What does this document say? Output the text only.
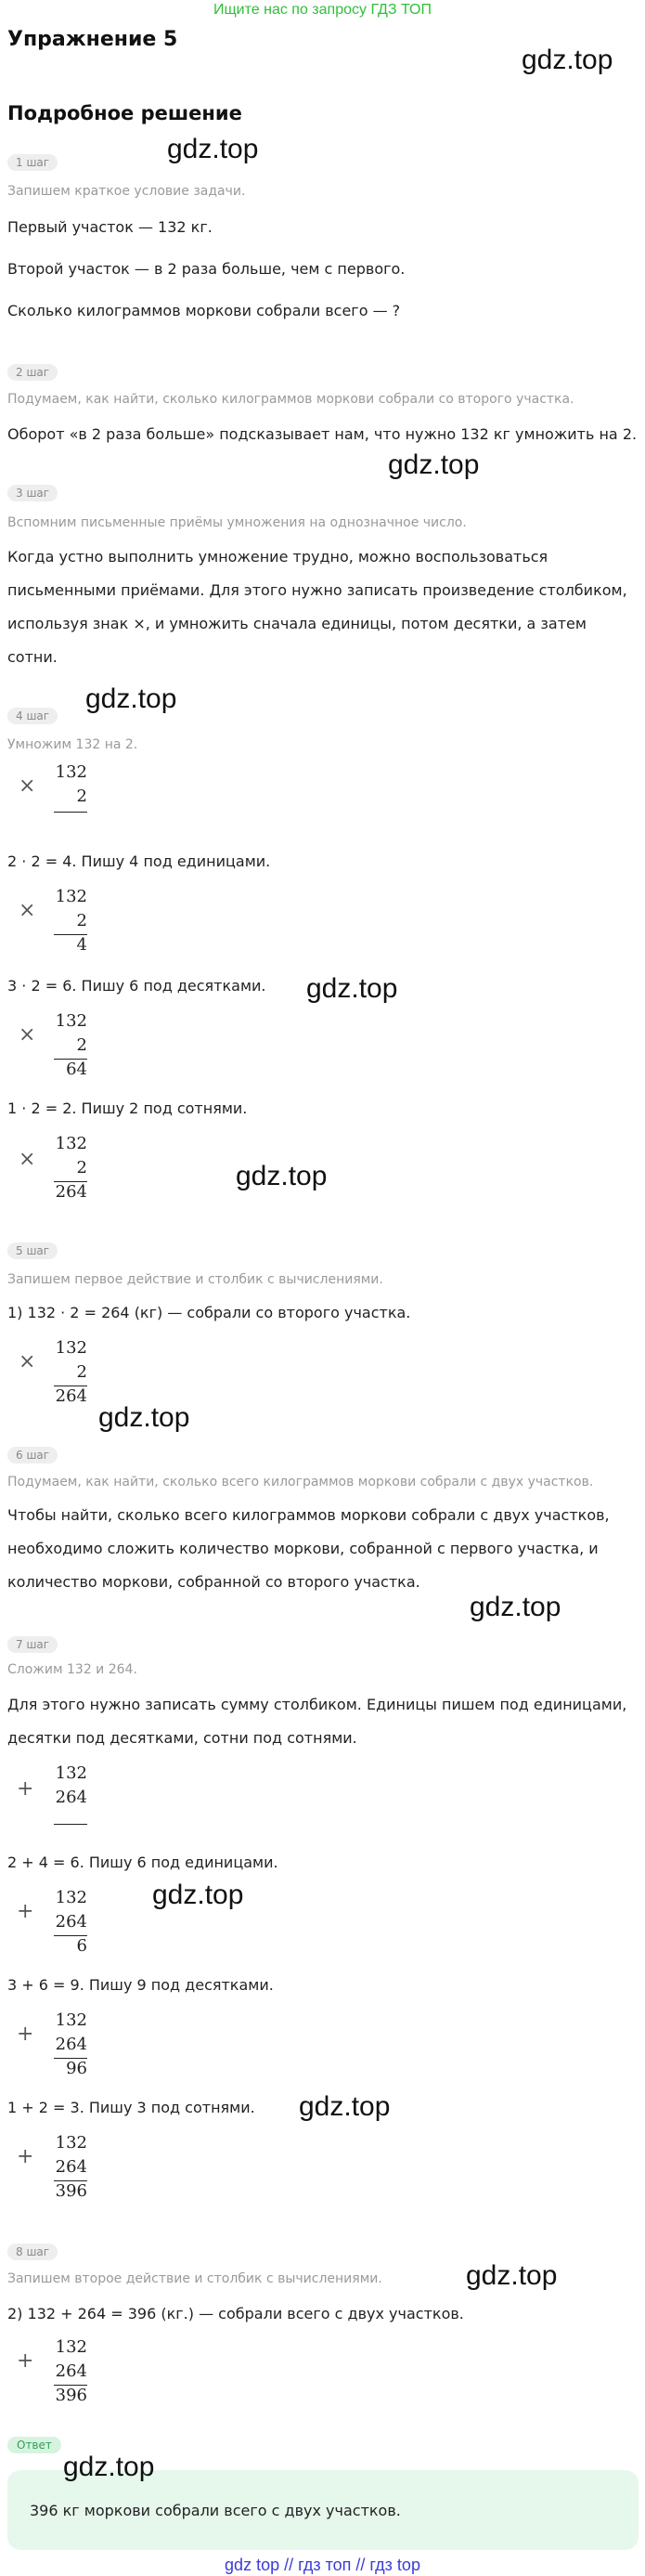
Ищите нас по запросу ГДЗ ТОП
Упражнение 5
gdz.top
Подробное решение
1 шаг	gdz.top
Запишем краткое условие задачи.
Первый участок — 132 кг.
Второй участок — в 2 раза больше, чем с первого.
Сколько килограммов моркови собрали всего — ?
2 шаг
Подумаем, как найти, сколько килограммов моркови собрали со второго участка.
Оборот «в 2 раза больше» подсказывает нам, что нужно 132 кг умножить на 2.
gdz.top
3 шаг
Вспомним письменные приёмы умножения на однозначное число.
Когда устно выполнить умножение трудно, можно воспользоваться
письменными приёмами. Для этого нужно записать произведение столбиком,
используя знак ×, и умножить сначала единицы, потом десятки, а затем
сотни.
4 шаг
gdz.top
Умножим 132 на 2.
×
132
2
2 · 2 = 4. Пишу 4 под единицами.
×
132
2
4
3 · 2 = 6. Пишу 6 под десятками. gdz.top
×
132
2
64
1 · 2 = 2. Пишу 2 под сотнями.
×
132
2
264
gdz.top
5 шаг
Запишем первое действие и столбик с вычислениями.
1) 132 · 2 = 264 (кг) — собрали со второго участка.
×
132
2
264
gdz.top
6 шаг
Подумаем, как найти, сколько всего килограммов моркови собрали с двух участков.
Чтобы найти, сколько всего килограммов моркови собрали с двух участков,
необходимо сложить количество моркови, собранной с первого участка, и
количество моркови, собранной со второго участка.
gdz.top
7 шаг
Сложим 132 и 264.
Для этого нужно записать сумму столбиком. Единицы пишем под единицами,
десятки под десятками, сотни под сотнями.
+
132
264
2 + 4 = 6. Пишу 6 под единицами.
gdz.top
+
132
264
6
3 + 6 = 9. Пишу 9 под десятками.
+
132
264
96
1 + 2 = 3. Пишу 3 под сотнями. gdz.top
+
132
264
396
8 шаг
Запишем второе действие и столбик с вычислениями.	gdz.top
2) 132 + 264 = 396 (кг.) — собрали всего с двух участков.
+
132
264
396
Ответ
396 кг моркови собрали всего с двух участков.
gdz.top
gdz top // гдз топ // гдз top
